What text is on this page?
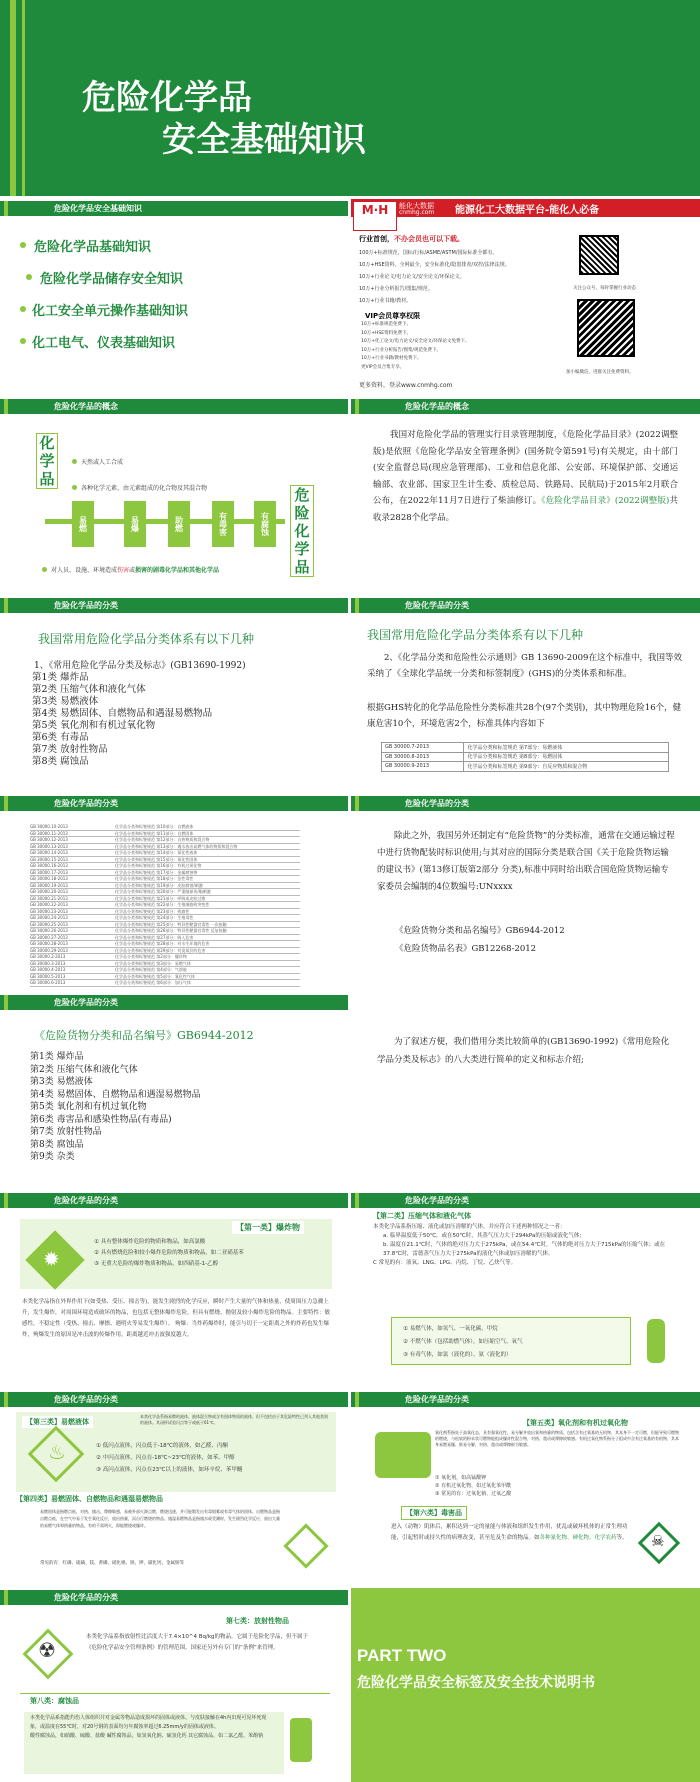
危险化学品
安全基础知识
危险化学品安全基础知识
危险化学品基础知识
危险化学品储存安全知识
化工安全单元操作基础知识
化工电气、仪表基础知识
M·H	能化大数据
cnmhg.com 能源化工大数据平台-能化人必备
行业首创，不办会员也可以下载。
100万+标准规范，国标/行标/ASME/ASTM/国际标准全都有。
10万+HSE资料，全网最全，安全标准化/隐患排查/双控/法律法规。
10万+行业论文/电力论文/安全论文/环保论文。
10万+行业分析报告/图集/规范。
10万+行业书籍/教材。
VIP会员尊享权限
10万+标准规范免费下。
10万+HSE资料免费下。
10万+化工论文/电力论文/安全论文/环保论文免费下。
10万+行业分析报告/图集/规范免费下。
10万+行业书籍/教材免费下。
更VIP会员合集专享。
更多资料，登录www.cnmhg.com
关注公众号，每时掌握行业动态
加小编微信，进群关注免费资料。
危险化学品的概念
化学品
危险化学品
天然或人工合成
各种化学元素、由元素组成的化合物及其混合物
易燃	易爆	助燃	有毒害	有腐蚀
对人员、设施、环境造成伤害或损害的剧毒化学品和其他化学品
危险化学品的概念
我国对危险化学品的管理实行目录管理制度，《危险化学品目录》(2022调整版)是依照《危险化学品安全管理条例》(国务院令第591号)有关规定，由十部门(安全监督总局(现应急管理部)、工业和信息化部、公安部、环境保护部、交通运输部、农业部、国家卫生计生委、质检总局、铁路局、民航局)于2015年2月联合公布，在2022年11月7日进行了柴油修订。《危险化学品目录》(2022调整版)共收录2828个化学品。
危险化学品的分类
我国常用危险化学品分类体系有以下几种
1、《常用危险化学品分类及标志》(GB13690-1992)
第1类 爆炸品
第2类 压缩气体和液化气体
第3类 易燃液体
第4类 易燃固体、自燃物品和遇湿易燃物品
第5类 氧化剂和有机过氧化物
第6类 有毒品
第7类 放射性物品
第8类 腐蚀品
危险化学品的分类
我国常用危险化学品分类体系有以下几种
2、《化学品分类和危险性公示通则》GB 13690-2009在这个标准中，我国等效采纳了《全球化学品统一分类和标签制度》(GHS)的分类体系和标准。
根据GHS转化的化学品危险性分类标准共28个(97个类别)，其中物理危险16个，健康危害10个，环境危害2个，标准具体内容如下
GB 30000.7-2013	化学品分类和标签规范 第7部分：易燃液体
GB 30000.8-2013	化学品分类和标签规范 第8部分：易燃固体
GB 30000.9-2013	化学品分类和标签规范 第9部分：自反应物质和混合物
危险化学品的分类
GB 30000.10-2013	化学品分类和标签规范 第10部分：自燃液体
GB 30000.11-2013	化学品分类和标签规范 第11部分：自燃固体
GB 30000.12-2013	化学品分类和标签规范 第12部分：自热物质和混合物
GB 30000.13-2013	化学品分类和标签规范 第13部分：遇水放出易燃气体的物质和混合物
GB 30000.14-2013	化学品分类和标签规范 第14部分：氧化性液体
GB 30000.15-2013	化学品分类和标签规范 第15部分：氧化性固体
GB 30000.16-2013	化学品分类和标签规范 第16部分：有机过氧化物
GB 30000.17-2013	化学品分类和标签规范 第17部分：金属腐蚀物
GB 30000.18-2013	化学品分类和标签规范 第18部分：急性毒性
GB 30000.19-2013	化学品分类和标签规范 第19部分：皮肤腐蚀/刺激
GB 30000.20-2013	化学品分类和标签规范 第20部分：严重眼损伤/眼刺激
GB 30000.21-2013	化学品分类和标签规范 第21部分：呼吸或皮肤过敏
GB 30000.22-2013	化学品分类和标签规范 第22部分：生殖细胞致突变性
GB 30000.23-2013	化学品分类和标签规范 第23部分：致癌性
GB 30000.24-2013	化学品分类和标签规范 第24部分：生殖毒性
GB 30000.25-2013	化学品分类和标签规范 第25部分：特异性靶器官毒性 一次接触
GB 30000.26-2013	化学品分类和标签规范 第26部分：特异性靶器官毒性 反复接触
GB 30000.27-2013	化学品分类和标签规范 第27部分：吸入危害
GB 30000.28-2013	化学品分类和标签规范 第28部分：对水生环境的危害
GB 30000.29-2013	化学品分类和标签规范 第29部分：对臭氧层的危害
GB 30000.2-2013	化学品分类和标签规范 第2部分：爆炸物
GB 30000.3-2013	化学品分类和标签规范 第3部分：易燃气体
GB 30000.4-2013	化学品分类和标签规范 第4部分：气溶胶
GB 30000.5-2013	化学品分类和标签规范 第5部分：氧化性气体
GB 30000.6-2013	化学品分类和标签规范 第6部分：加压气体
危险化学品的分类
除此之外，我国另外还制定有“危险货物”的分类标准，通常在交通运输过程中进行货物配装时标识使用;与其对应的国际分类是联合国《关于危险货物运输的建议书》(第13修订版第2部分 分类),标准中同时给出联合国危险货物运输专家委员会编制的4位数编号:UNxxxx
《危险货物分类和品名编号》GB6944-2012
《危险货物品名表》GB12268-2012
危险化学品的分类
《危险货物分类和品名编号》GB6944-2012
第1类 爆炸品
第2类 压缩气体和液化气体
第3类 易燃液体
第4类 易燃固体、自燃物品和遇湿易燃物品
第5类 氧化剂和有机过氧化物
第6类 毒害品和感染性物品(有毒品)
第7类 放射性物品
第8类 腐蚀品
第9类 杂类
为了叙述方便，我们借用分类比较简单的(GB13690-1992)《常用危险化学品分类及标志》的八大类进行简单的定义和标志介绍;
危险化学品的分类
【第一类】爆炸物
✹
① 具有整体爆炸危险的物质和物品，如高氯酸
② 具有燃烧危险和较小爆炸危险的物质和物品，如二亚硝基苯
③ 无重大危险的爆炸物质和物品，如四硝基-1-乙醇
本类化学品指在外界作用下(如受热、受压、撞击等)，能发生剧烈的化学反应，瞬时产生大量的气体和热量，使周围压力急骤上升，发生爆炸，对周围环境造成破坏的物品，也包括无整体爆炸危险，但具有燃烧、抛射及较小爆炸危险的物品。主要特性：敏感性，不稳定性（受热、撞击、摩擦、遇明火等易发生爆炸）。 殉爆：当炸药爆炸时，能引与切于一定距离之外的炸药也发生爆炸，殉爆发生的原因是冲击波的传爆作用，距离越近冲击波强度越大。
危险化学品的分类
【第二类】压缩气体和液化气体
本类化学品系指压缩、液化或加压溶解的气体，并应符合下述两种情况之一者：
a. 临界温度低于50℃，或在50℃时，其蒸气压力大于294kPa的压缩或液化气体;
b. 温度在21.1℃时，气体的绝对压力大于275kPa，或在54.4℃时，气体的绝对压力大于715kPa的压缩气体；或在37.8℃时，雷德蒸气压力大于275kPa的液化气体或加压溶解的气体。
C 常见的有：液氧、LNG、LPG、丙烷、丁烷、乙炔气等。
① 易燃气体，如氢气、一氧化碳、甲烷
② 不燃气体（包括助燃气体），如压缩空气、氧气
③ 有毒气体，如氯（液化的）、氨（液化的）
危险化学品的分类
【第三类】易燃液体
本类化学品系指易燃的液体、液体混合物或含有固体物质的液体，但不包括由于其危险特性已列入其他类别的液体。其闭杯试验闪点等于或低于61℃。
♨	① 低闪点液体，闪点低于-18℃的液体，如乙醛、丙酮
② 中闪点液体，闪点在-18℃~23℃的液体，如苯、甲醇
③ 高闪点液体，闪点在23℃以上的液体，如环辛烷、苯甲醚
【第四类】易燃固体、自燃物品和遇湿易燃物品
易燃固体是指燃点低，对热、撞击、摩擦敏感，易被外部火源点燃，燃烧迅速，并可能散发出有毒烟雾或有毒气体的固体。自燃物品是指自燃点低，在空气中易于发生氧化反应，放出热量，而自行燃烧的物品。遇湿易燃物品是指遇水或受潮时，发生剧烈化学反应，放出大量的易燃气体和热量的物品，有的不需明火，即能燃烧或爆炸。
常见的有：红磷、硫磺、镁、黄磷、硝化棉、钠、钾、碳化钙、金属钠等
危险化学品的分类
【第五类】氧化剂和有机过氧化物
氧化剂系指处于高氧化态，具有强氧化性，易分解并放出氧和热量的物质。包括含有过氧基的无机物，其本身不一定可燃，但能导致可燃物的燃烧，与松软的粉末状可燃物能组成爆炸性混合物，对热、震动或摩擦较敏感。有机过氧化物系指分子组成中含有过氧基的有机物，其本身易燃易爆、极易分解，对热、震动或摩擦极为敏感。
① 氧化剂，如高锰酸钾
② 有机过氧化物，如过氧化苯甲酰
③ 常见的有：过氧化钠、过氧乙酸
【第六类】毒害品
进入（动物）肌体后，累积达到一定的量能与体液和组织发生作用，扰乱或破坏机体的正常生理功能，引起暂时或持久性的病理改变，甚至危及生命的物品。如各种氰化物、砷化物、化学农药等。 ☠
危险化学品的分类
第七类：放射性物品
☢
本类化学品系指放射性比活度大于7.4×10^4 Bq/kg的物品。它属于危险化学品，但不属于《危险化学品安全管理条例》的管理范围。国家还另外有专门的“条例”来管理。
第八类：腐蚀品
本类化学品系指能灼伤人体组织并对金属等物品造成损坏的固体或液体。与皮肤接触在4h内出现可见坏死现象，或温度在55℃时，对20号钢的表面均匀年腐蚀率超过6.25mm/y的固体或液体。
酸性腐蚀品，如硝酸、硫酸、盐酸 碱性腐蚀品，如氢氧化钠、硫氢化钙 其它腐蚀品，如二氯乙醛、苯酚钠
PART TWO
危险化学品安全标签及安全技术说明书
